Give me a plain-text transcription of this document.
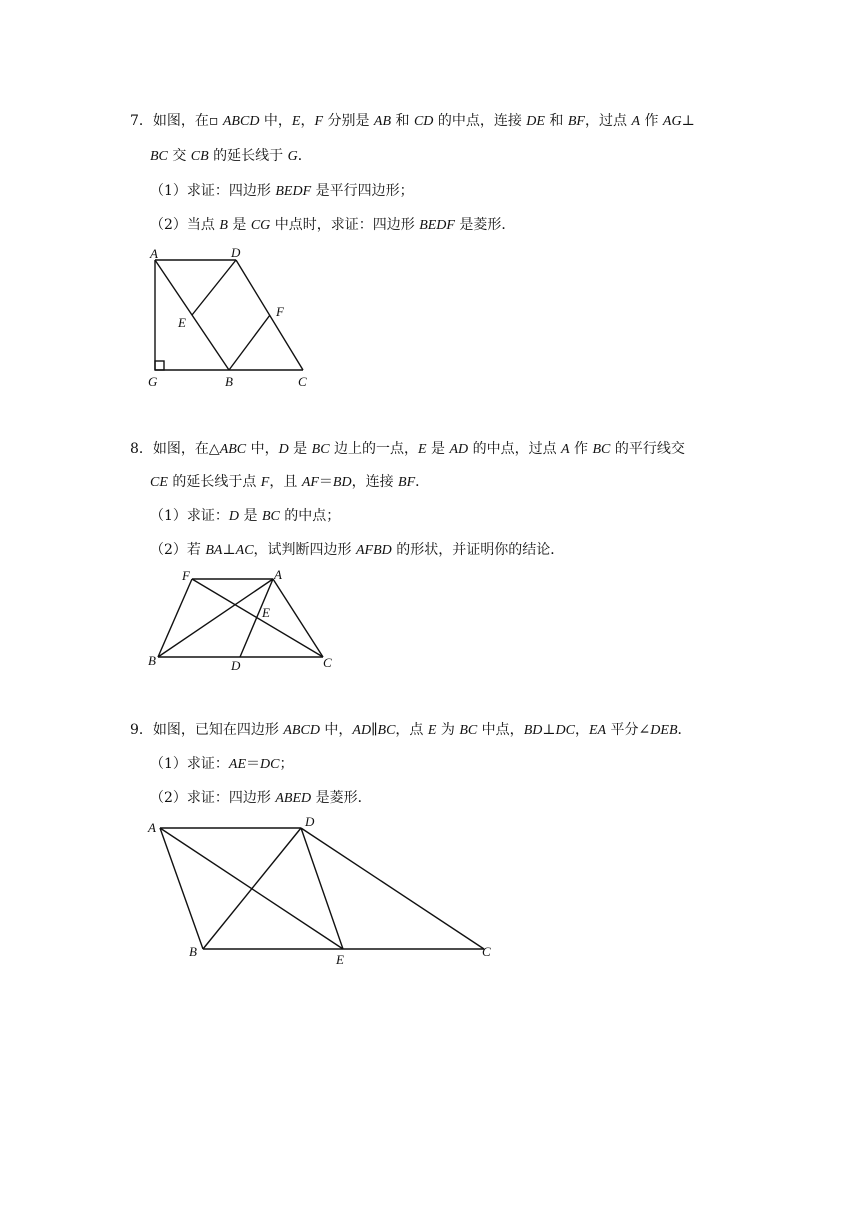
7．如图，在▫ ABCD 中，E，F 分别是 AB 和 CD 的中点，连接 DE 和 BF，过点 A 作 AG⊥
BC 交 CB 的延长线于 G．
（1）求证：四边形 BEDF 是平行四边形；
（2）当点 B 是 CG 中点时，求证：四边形 BEDF 是菱形．
A	D
E
F
G	B	C
8．如图，在△ABC 中，D 是 BC 边上的一点，E 是 AD 的中点，过点 A 作 BC 的平行线交
CE 的延长线于点 F，且 AF＝BD，连接 BF．
（1）求证：D 是 BC 的中点；
（2）若 BA⊥AC，试判断四边形 AFBD 的形状，并证明你的结论．
F	A
E
B	D	C
9．如图，已知在四边形 ABCD 中，AD∥BC，点 E 为 BC 中点，BD⊥DC，EA 平分∠DEB．
（1）求证：AE＝DC；
（2）求证：四边形 ABED 是菱形．
A	D
B
E
C
